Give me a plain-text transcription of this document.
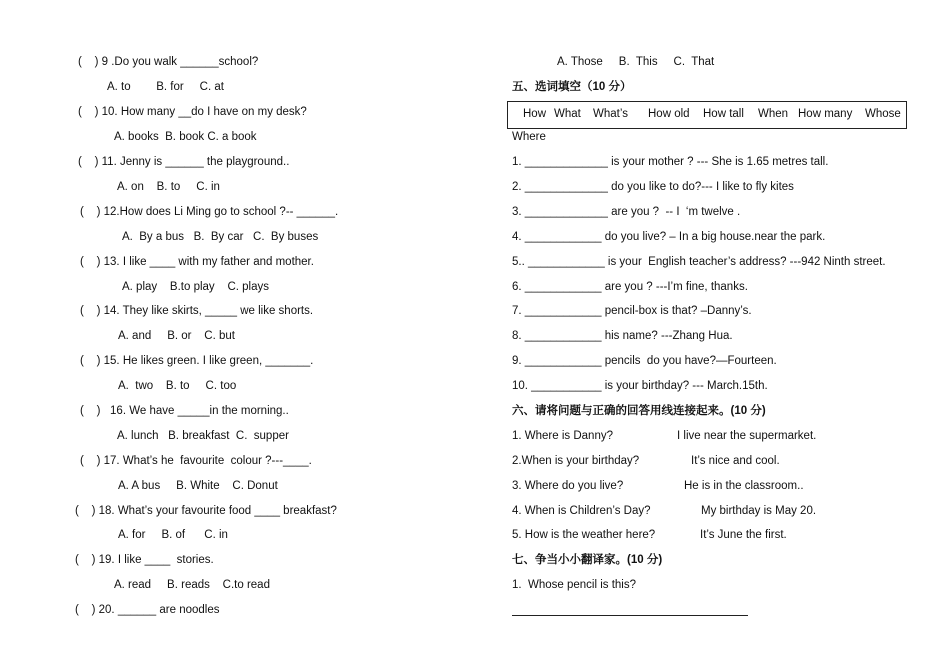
(    ) 9 .Do you walk ______school?
A. to        B. for     C. at
(    ) 10. How many __do I have on my desk?
A. books  B. book C. a book
(    ) 11. Jenny is ______ the playground..
A. on    B. to     C. in
(    ) 12.How does Li Ming go to school ?-- ______.
A.  By a bus   B.  By car   C.  By buses
(    ) 13. I like ____ with my father and mother.
A. play    B.to play    C. plays
(    ) 14. They like skirts, _____ we like shorts.
A. and     B. or    C. but
(    ) 15. He likes green. I like green, _______.
A.  two    B. to     C. too
(    )   16. We have _____in the morning..
A. lunch   B. breakfast  C.  supper
(    ) 17. What’s he  favourite  colour ?---____.
A. A bus     B. White    C. Donut
(    ) 18. What’s your favourite food ____ breakfast?
A. for     B. of      C. in
(    ) 19. I like ____  stories.
A. read     B. reads    C.to read
(    ) 20. ______ are noodles
A. Those     B.  This     C.  That
五、选词填空（10 分）
How What What’s How old How tall When How many Whose
Where
1. _____________ is your mother ? --- She is 1.65 metres tall.
2. _____________ do you like to do?--- I like to fly kites
3. _____________ are you ?  -- I  ‘m twelve .
4. ____________ do you live? – In a big house.near the park.
5.. ____________ is your  English teacher’s address? ---942 Ninth street.
6. ____________ are you ? ---I’m fine, thanks.
7. ____________ pencil-box is that? –Danny’s.
8. ____________ his name? ---Zhang Hua.
9. ____________ pencils  do you have?—Fourteen.
10. ___________ is your birthday? --- March.15th.
六、请将问题与正确的回答用线连接起来。(10 分)
1. Where is Danny?	I live near the supermarket.
2.When is your birthday?	It’s nice and cool.
3. Where do you live?	He is in the classroom..
4. When is Children’s Day?	My birthday is May 20.
5. How is the weather here?	It’s June the first.
七、争当小小翻译家。(10 分)
1.  Whose pencil is this?
